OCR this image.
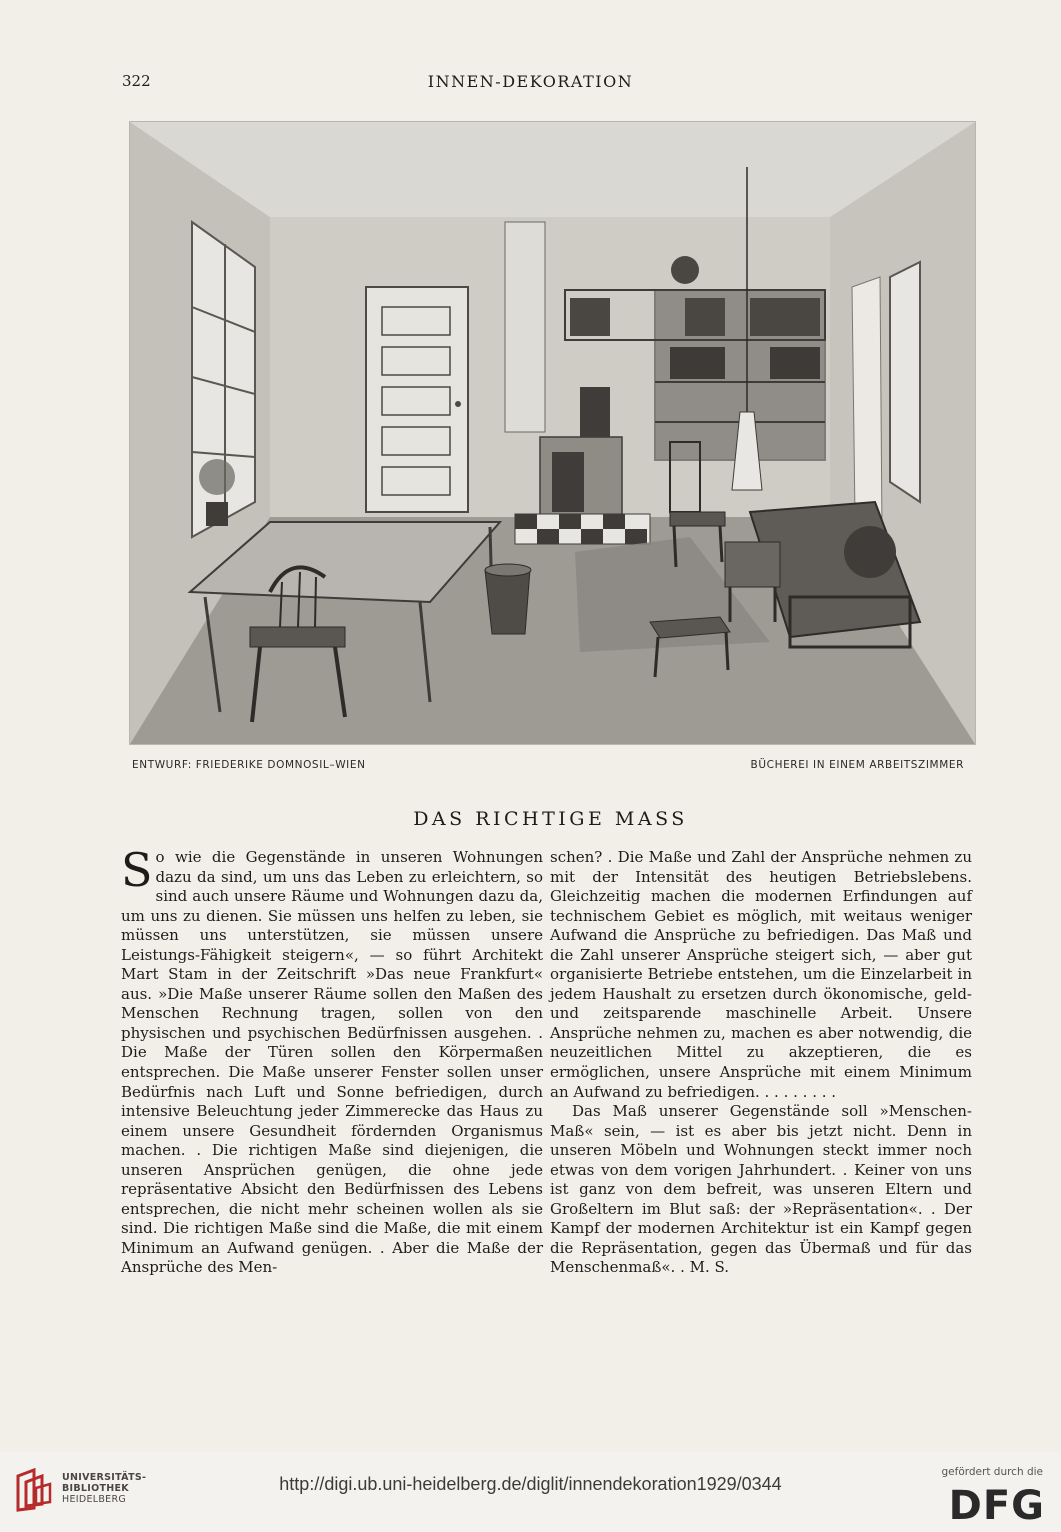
322	INNEN-DEKORATION
ENTWURF: FRIEDERIKE DOMNOSIL–WIEN	BÜCHEREI IN EINEM ARBEITSZIMMER
DAS RICHTIGE MASS

So wie die Gegenstände in unseren Wohnungen dazu da sind, um uns das Leben zu erleichtern, so sind auch unsere Räume und Wohnungen dazu da, um uns zu dienen. Sie müssen uns helfen zu leben, sie müssen uns unterstützen, sie müssen unsere Leistungs-Fähigkeit steigern«, — so führt Architekt Mart Stam in der Zeitschrift »Das neue Frankfurt« aus. »Die Maße unserer Räume sollen den Maßen des Menschen Rechnung tragen, sollen von den physischen und psychischen Bedürfnissen ausgehen. . Die Maße der Türen sollen den Körpermaßen entsprechen. Die Maße unserer Fenster sollen unser Bedürfnis nach Luft und Sonne befriedigen, durch intensive Beleuchtung jeder Zimmerecke das Haus zu einem unsere Gesundheit fördernden Organismus machen. . Die richtigen Maße sind diejenigen, die unseren Ansprüchen genügen, die ohne jede repräsentative Absicht den Bedürfnissen des Lebens entsprechen, die nicht mehr scheinen wollen als sie sind. Die richtigen Maße sind die Maße, die mit einem Minimum an Aufwand genügen. . Aber die Maße der Ansprüche des Men-

schen? . Die Maße und Zahl der Ansprüche nehmen zu mit der Intensität des heutigen Betriebslebens. Gleichzeitig machen die modernen Erfindungen auf technischem Gebiet es möglich, mit weitaus weniger Aufwand die Ansprüche zu befriedigen. Das Maß und die Zahl unserer Ansprüche steigert sich, — aber gut organisierte Betriebe entstehen, um die Einzelarbeit in jedem Haushalt zu ersetzen durch ökonomische, geld- und zeitsparende maschinelle Arbeit. Unsere Ansprüche nehmen zu, machen es aber notwendig, die neuzeitlichen Mittel zu akzeptieren, die es ermöglichen, unsere Ansprüche mit einem Minimum an Aufwand zu befriedigen. . . . . . . . .

Das Maß unserer Gegenstände soll »Menschen-Maß« sein, — ist es aber bis jetzt nicht. Denn in unseren Möbeln und Wohnungen steckt immer noch etwas von dem vorigen Jahrhundert. . Keiner von uns ist ganz von dem befreit, was unseren Eltern und Großeltern im Blut saß: der »Repräsentation«. . Der Kampf der modernen Architektur ist ein Kampf gegen die Repräsentation, gegen das Übermaß und für das Menschenmaß«. . M. S.

UNIVERSITÄTS-
BIBLIOTHEK
HEIDELBERG
http://digi.ub.uni-heidelberg.de/diglit/innendekoration1929/0344
gefördert durch die
DFG
